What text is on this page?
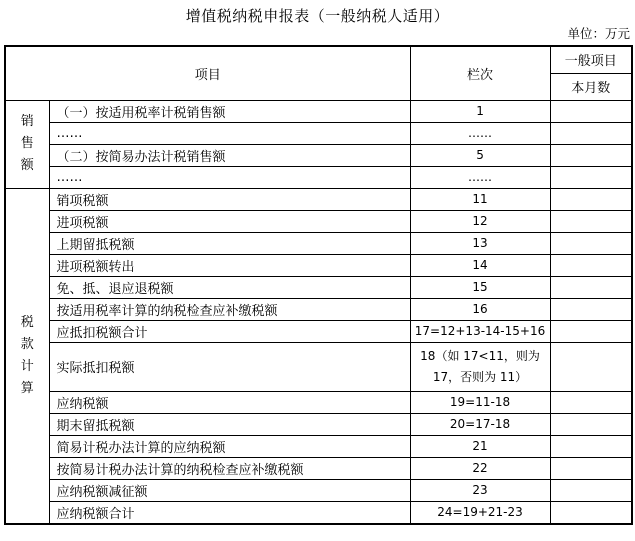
增值税纳税申报表（一般纳税人适用）
单位：万元
项目		栏次	一般项目
			本月数
销售额	（一）按适用税率计税销售额	1	
	……	……	
	（二）按简易办法计税销售额	5	
	……	……	
税款计算	销项税额	11	
	进项税额	12	
	上期留抵税额	13	
	进项税额转出	14	
	免、抵、退应退税额	15	
	按适用税率计算的纳税检查应补缴税额	16	
	应抵扣税额合计	17=12+13-14-15+16	
	实际抵扣税额	18（如 17<11，则为 17，否则为 11）	
	应纳税额	19=11-18	
	期末留抵税额	20=17-18	
	简易计税办法计算的应纳税额	21	
	按简易计税办法计算的纳税检查应补缴税额	22	
	应纳税额减征额	23	
	应纳税额合计	24=19+21-23	
